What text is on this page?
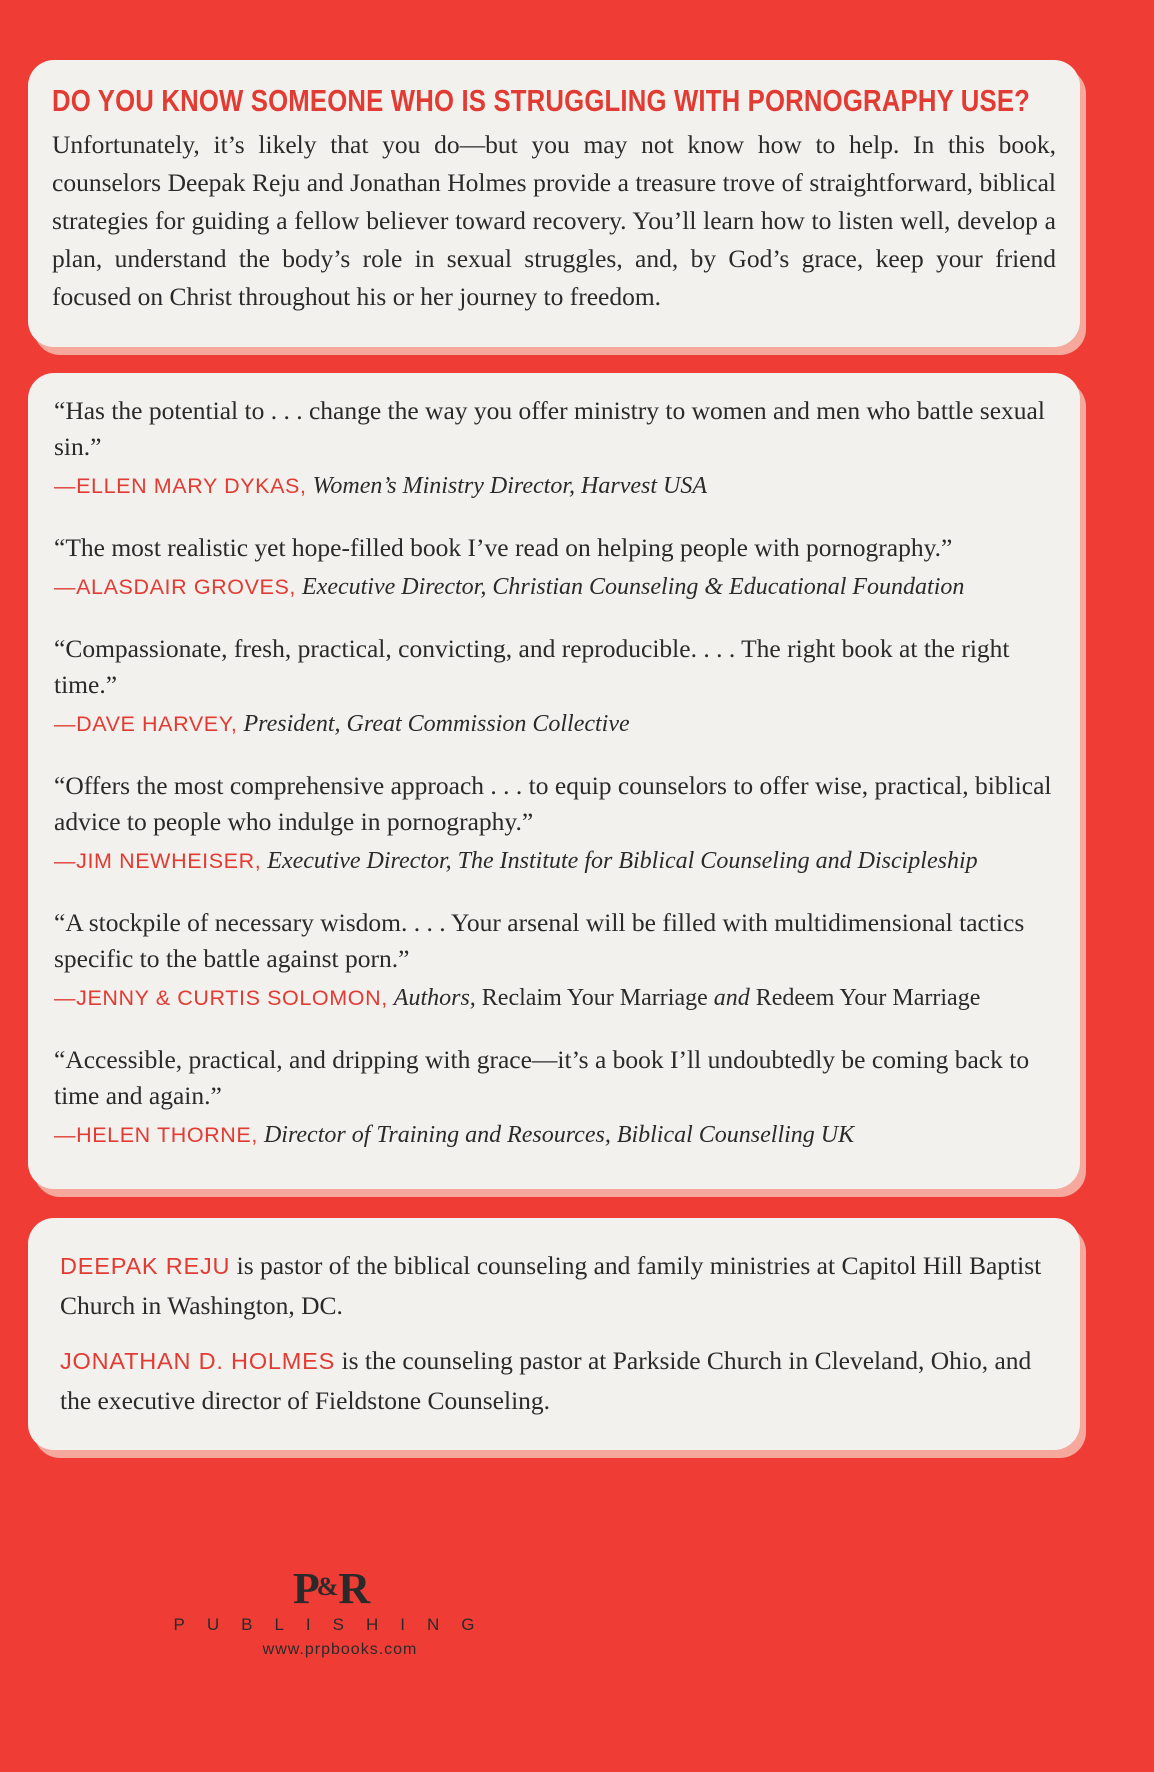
DO YOU KNOW SOMEONE WHO IS STRUGGLING WITH PORNOGRAPHY USE?

Unfortunately, it’s likely that you do—but you may not know how to help. In this book, counselors Deepak Reju and Jonathan Holmes provide a treasure trove of straightforward, biblical strategies for guiding a fellow believer toward recovery. You’ll learn how to listen well, develop a plan, understand the body’s role in sexual struggles, and, by God’s grace, keep your friend focused on Christ throughout his or her journey to freedom.

“Has the potential to . . . change the way you offer ministry to women and men who battle sexual sin.”

—ELLEN MARY DYKAS, Women’s Ministry Director, Harvest USA

“The most realistic yet hope-filled book I’ve read on helping people with pornography.”

—ALASDAIR GROVES, Executive Director, Christian Counseling & Educational Foundation

“Compassionate, fresh, practical, convicting, and reproducible. . . . The right book at the right time.”

—DAVE HARVEY, President, Great Commission Collective

“Offers the most comprehensive approach . . . to equip counselors to offer wise, practical, biblical advice to people who indulge in pornography.”

—JIM NEWHEISER, Executive Director, The Institute for Biblical Counseling and Discipleship

“A stockpile of necessary wisdom. . . . Your arsenal will be filled with multidimensional tactics specific to the battle against porn.”

—JENNY & CURTIS SOLOMON, Authors, Reclaim Your Marriage and Redeem Your Marriage

“Accessible, practical, and dripping with grace—it’s a book I’ll undoubtedly be coming back to time and again.”

—HELEN THORNE, Director of Training and Resources, Biblical Counselling UK

DEEPAK REJU is pastor of the biblical counseling and family ministries at Capitol Hill Baptist Church in Washington, DC.

JONATHAN D. HOLMES is the counseling pastor at Parkside Church in Cleveland, Ohio, and the executive director of Fieldstone Counseling.

P&R
PUBLISHING
www.prpbooks.com
